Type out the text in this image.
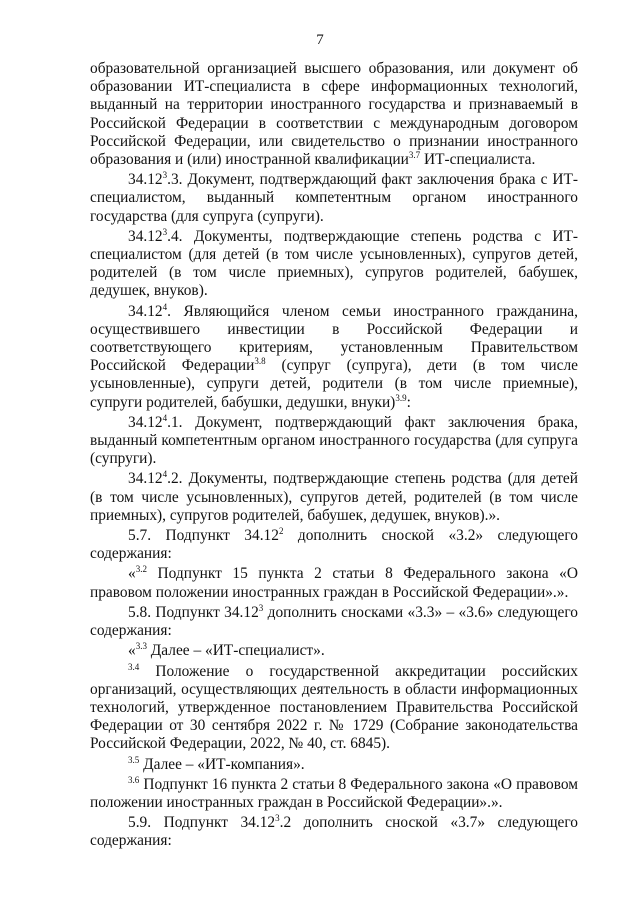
7

образовательной организацией высшего образования, или документ об образовании ИТ-специалиста в сфере информационных технологий, выданный на территории иностранного государства и признаваемый в Российской Федерации в соответствии с международным договором Российской Федерации, или свидетельство о признании иностранного образования и (или) иностранной квалификации$^{3.7}$ ИТ-специалиста.

34.12$^3$.3. Документ, подтверждающий факт заключения брака с ИТ-специалистом, выданный компетентным органом иностранного государства (для супруга (супруги).

34.12$^3$.4. Документы, подтверждающие степень родства с ИТ-специалистом (для детей (в том числе усыновленных), супругов детей, родителей (в том числе приемных), супругов родителей, бабушек, дедушек, внуков).

34.12$^4$. Являющийся членом семьи иностранного гражданина, осуществившего инвестиции в Российской Федерации и соответствующего критериям, установленным Правительством Российской Федерации$^{3.8}$ (супруг (супруга), дети (в том числе усыновленные), супруги детей, родители (в том числе приемные), супруги родителей, бабушки, дедушки, внуки)$^{3.9}$:

34.12$^4$.1. Документ, подтверждающий факт заключения брака, выданный компетентным органом иностранного государства (для супруга (супруги).

34.12$^4$.2. Документы, подтверждающие степень родства (для детей (в том числе усыновленных), супругов детей, родителей (в том числе приемных), супругов родителей, бабушек, дедушек, внуков).».

5.7. Подпункт 34.12$^2$ дополнить сноской «3.2» следующего содержания:

«$^{3.2}$ Подпункт 15 пункта 2 статьи 8 Федерального закона «О правовом положении иностранных граждан в Российской Федерации».».

5.8. Подпункт 34.12$^3$ дополнить сносками «3.3» – «3.6» следующего содержания:

«$^{3.3}$ Далее – «ИТ-специалист».

$^{3.4}$ Положение о государственной аккредитации российских организаций, осуществляющих деятельность в области информационных технологий, утвержденное постановлением Правительства Российской Федерации от 30 сентября 2022 г. № 1729 (Собрание законодательства Российской Федерации, 2022, № 40, ст. 6845).

$^{3.5}$ Далее – «ИТ-компания».

$^{3.6}$ Подпункт 16 пункта 2 статьи 8 Федерального закона «О правовом положении иностранных граждан в Российской Федерации».».

5.9. Подпункт 34.12$^3$.2 дополнить сноской «3.7» следующего содержания:
